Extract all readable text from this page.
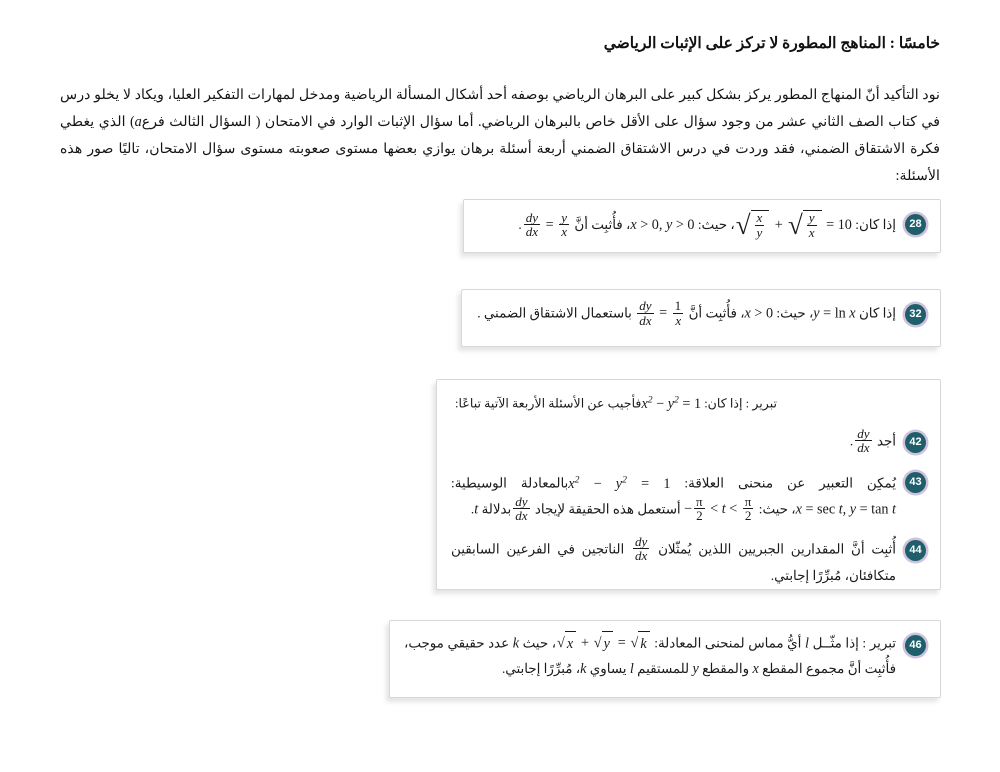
خامسًا : المناهج المطورة لا تركز على الإثبات الرياضي
نود التأكيد أنّ المنهاج المطور يركز بشكل كبير على البرهان الرياضي بوصفه أحد أشكال المسألة الرياضية ومدخل لمهارات التفكير العليا، ويكاد لا يخلو درس في كتاب الصف الثاني عشر من وجود سؤال على الأقل خاص بالبرهان الرياضي. أما سؤال الإثبات الوارد في الامتحان ( السؤال الثالث فرعa) الذي يغطي فكرة الاشتقاق الضمني، فقد وردت في درس الاشتقاق الضمني أربعة أسئلة برهان يوازي بعضها مستوى صعوبته مستوى سؤال الامتحان، تاليًا صور هذه الأسئلة:
28
إذا كان:
√ $\frac{x}{y}$ + √ $\frac{y}{x}$ = 10، حيث: x > 0, y > 0، فأُثبِت أنَّ
$\frac{dy}{dx} = \frac{y}{x}$
.
32
إذا كان y = ln x، حيث: x > 0، فأُثبِت أنَّ
$\frac{dy}{dx} = \frac{1}{x}$
باستعمال الاشتقاق الضمني .
تبرير : إذا كان: $x^2 - y^2$ = 1فأجيب عن الأسئلة الأربعة الآتية تباعًا:
42
أجد
$\frac{dy}{dx}$
.
43
يُمكِن التعبير عن منحنى العلاقة: $x^2 - y^2$ = 1بالمعادلة الوسيطية: x = sec t, y = tan t، حيث: − $\frac{\pi}{2} < t < \frac{\pi}{2}$
أستعمل هذه الحقيقة لإيجاد
$\frac{dy}{dx}$
بدلالة t.
44
أُثبِت أنَّ المقدارين الجبريين اللذين يُمثّلان
$\frac{dy}{dx}$
الناتجين في الفرعين السابقين متكافئان، مُبرِّرًا إجابتي.
46
تبرير : إذا مثّــل l أيُّ مماس لمنحنى المعادلة:
√ x + √ y = √ k
، حيث k عدد حقيقي موجب، فأُثبِت أنَّ مجموع المقطع x والمقطع y للمستقيم l يساوي k، مُبرِّرًا إجابتي.
